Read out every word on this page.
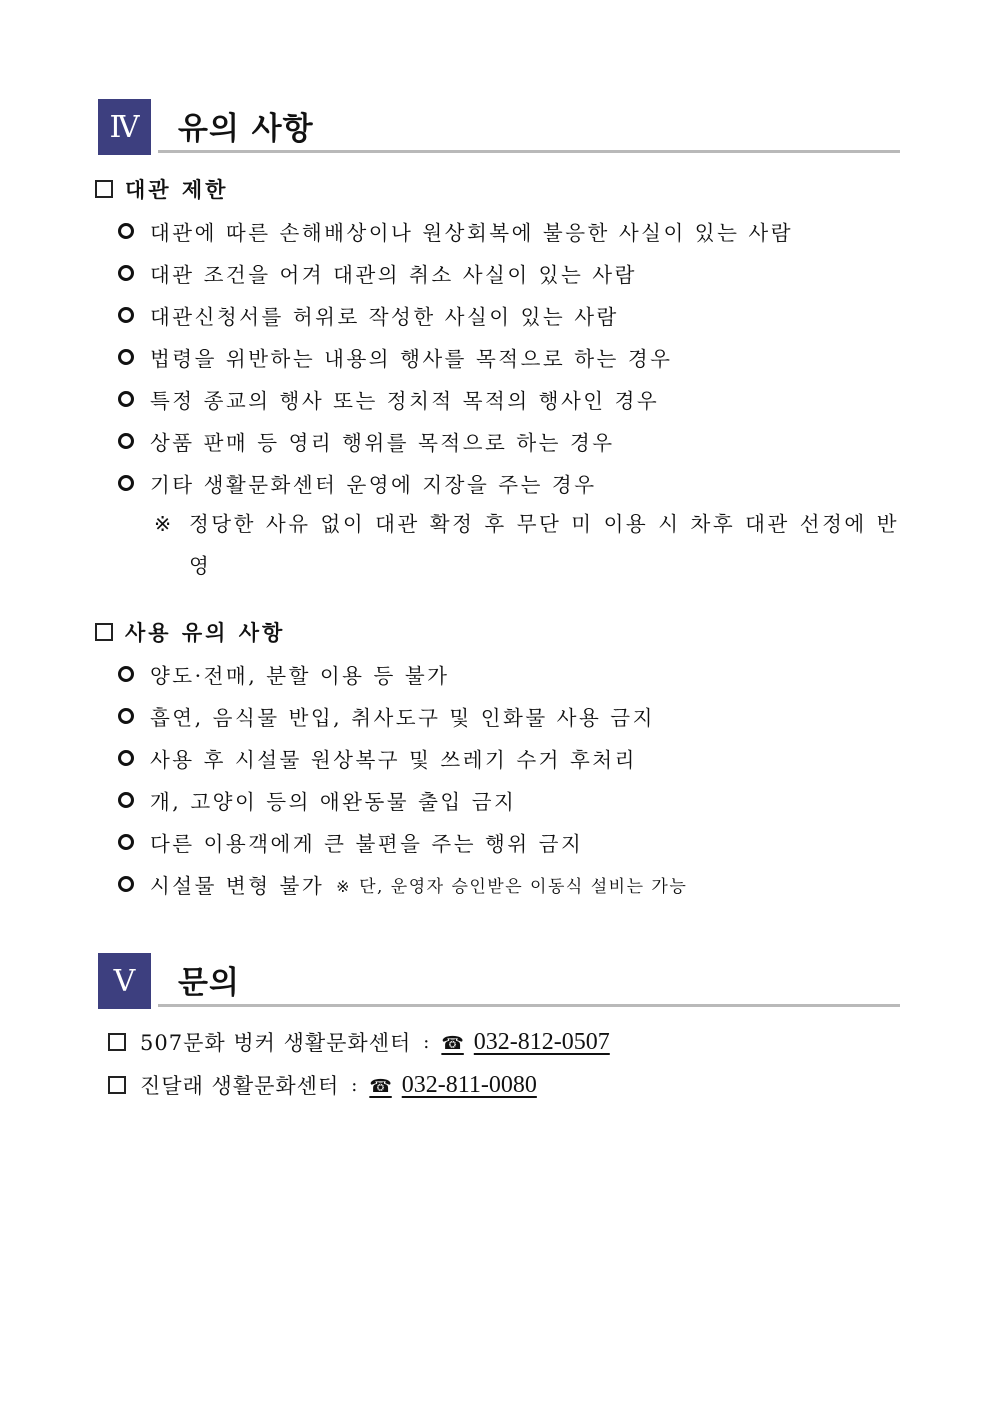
Ⅳ	유의 사항
대관 제한
대관에 따른 손해배상이나 원상회복에 불응한 사실이 있는 사람
대관 조건을 어겨 대관의 취소 사실이 있는 사람
대관신청서를 허위로 작성한 사실이 있는 사람
법령을 위반하는 내용의 행사를 목적으로 하는 경우
특정 종교의 행사 또는 정치적 목적의 행사인 경우
상품 판매 등 영리 행위를 목적으로 하는 경우
기타 생활문화센터 운영에 지장을 주는 경우
※ 정당한 사유 없이 대관 확정 후 무단 미 이용 시 차후 대관 선정에 반영
사용 유의 사항
양도·전매, 분할 이용 등 불가
흡연, 음식물 반입, 취사도구 및 인화물 사용 금지
사용 후 시설물 원상복구 및 쓰레기 수거 후처리
개, 고양이 등의 애완동물 출입 금지
다른 이용객에게 큰 불편을 주는 행위 금지
시설물 변형 불가 ※ 단, 운영자 승인받은 이동식 설비는 가능
Ⅴ	문의
507문화 벙커 생활문화센터 : ☎ 032-812-0507
진달래 생활문화센터 : ☎ 032-811-0080
